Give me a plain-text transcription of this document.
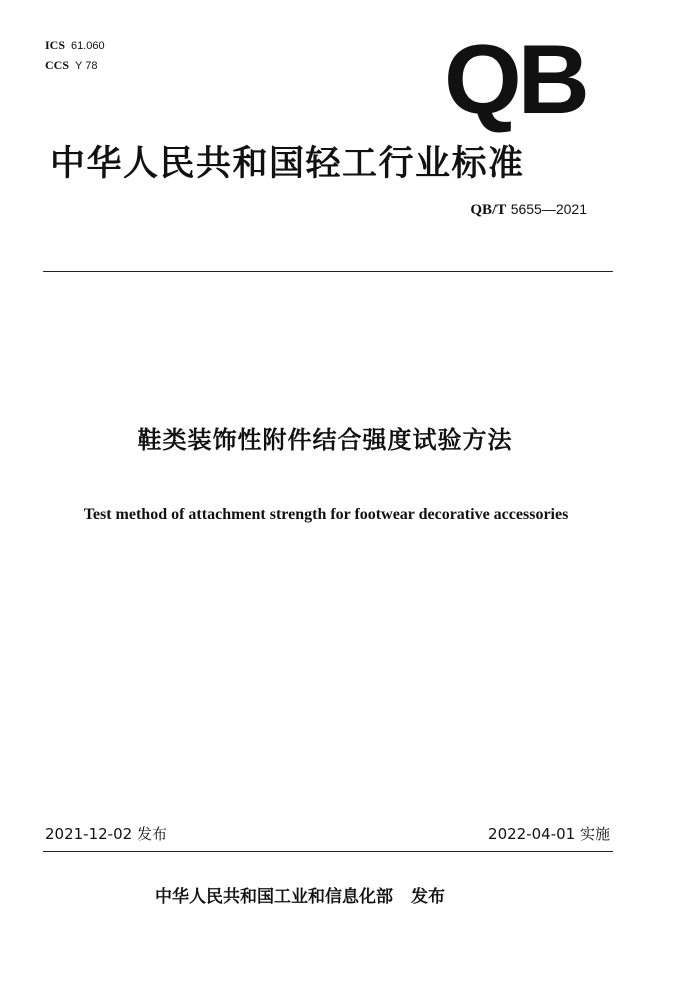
ICS 61.060
CCS Y 78	QB
中华人民共和国轻工行业标准
QB/T 5655—2021
鞋类装饰性附件结合强度试验方法
Test method of attachment strength for footwear decorative accessories
2021-12-02 发布	2022-04-01 实施
中华人民共和国工业和信息化部 发布
